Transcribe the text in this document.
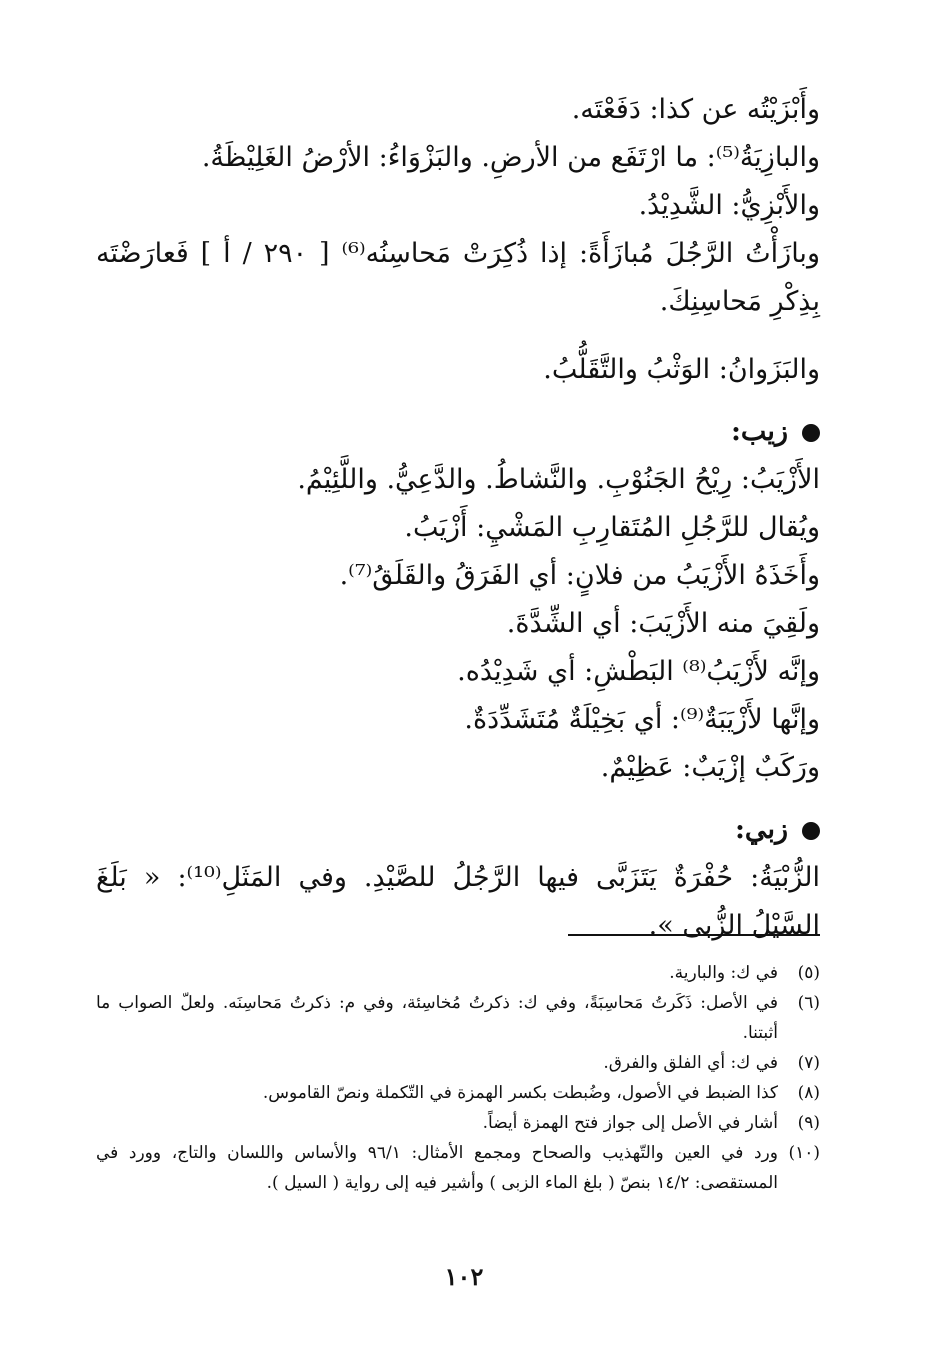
وأَبْزَيْتُه عن كذا: دَفَعْتَه.
والبازِيَةُ⁽⁵⁾: ما ارْتَفَع من الأرضِ. والبَزْوَاءُ: الأرْضُ الغَلِيْظَةُ.
والأَبْزِيُّ: الشَّدِيْدُ.
وبازَأْتُ الرَّجُلَ مُبازَأَةً: إذا ذُكِرَتْ مَحاسِنُه⁽⁶⁾ [ ٢٩٠ / أ ] فَعارَضْتَه بِذِكْرِ مَحاسِنِكَ.
والبَزَوانُ: الوَثْبُ والتَّقَلُّبُ.
زيب:
الأَزْيَبُ: رِيْحُ الجَنُوْبِ. والنَّشاطُ. والدَّعِيُّ. واللَّئِيْمُ.
ويُقال للرَّجُلِ المُتَقارِبِ المَشْيِ: أَزْيَبُ.
وأَخَذَهُ الأَزْيَبُ من فلانٍ: أي الفَرَقُ والقَلَقُ⁽⁷⁾.
ولَقِيَ منه الأَزْيَبَ: أي الشِّدَّةَ.
وإنَّه لأَزْيَبُ⁽⁸⁾ البَطْشِ: أي شَدِيْدُه.
وإنَّها لأَزْيَبَةٌ⁽⁹⁾: أي بَخِيْلَةٌ مُتَشَدِّدَةٌ.
ورَكَبٌ إزْيَبٌ: عَظِيْمٌ.
زبي:
الزُّبْيَةُ: حُفْرَةٌ يَتَزَبَّى فيها الرَّجُلُ للصَّيْدِ. وفي المَثَلِ⁽¹⁰⁾: « بَلَغَ السَّيْلُ الزُّبى ».
(٥)
في ك: والبارية.
(٦)
في الأصل: ذَكَرتُ مَحاسِبَةً، وفي ك: ذكرتُ مُخاسِئة، وفي م: ذكرتُ مَحاسِنَه. ولعلّ الصواب ما أثبتنا.
(٧)
في ك: أي الفلق والفرق.
(٨)
كذا الضبط في الأصول، وضُبطت بكسر الهمزة في التّكملة ونصّ القاموس.
(٩)
أشار في الأصل إلى جواز فتح الهمزة أيضاً.
(١٠)
ورد في العين والتّهذيب والصحاح ومجمع الأمثال: ٩٦/١ والأساس واللسان والتاج، وورد في المستقصى: ١٤/٢ بنصّ ( بلغ الماء الزبى ) وأشير فيه إلى رواية ( السيل ).
١٠٢
